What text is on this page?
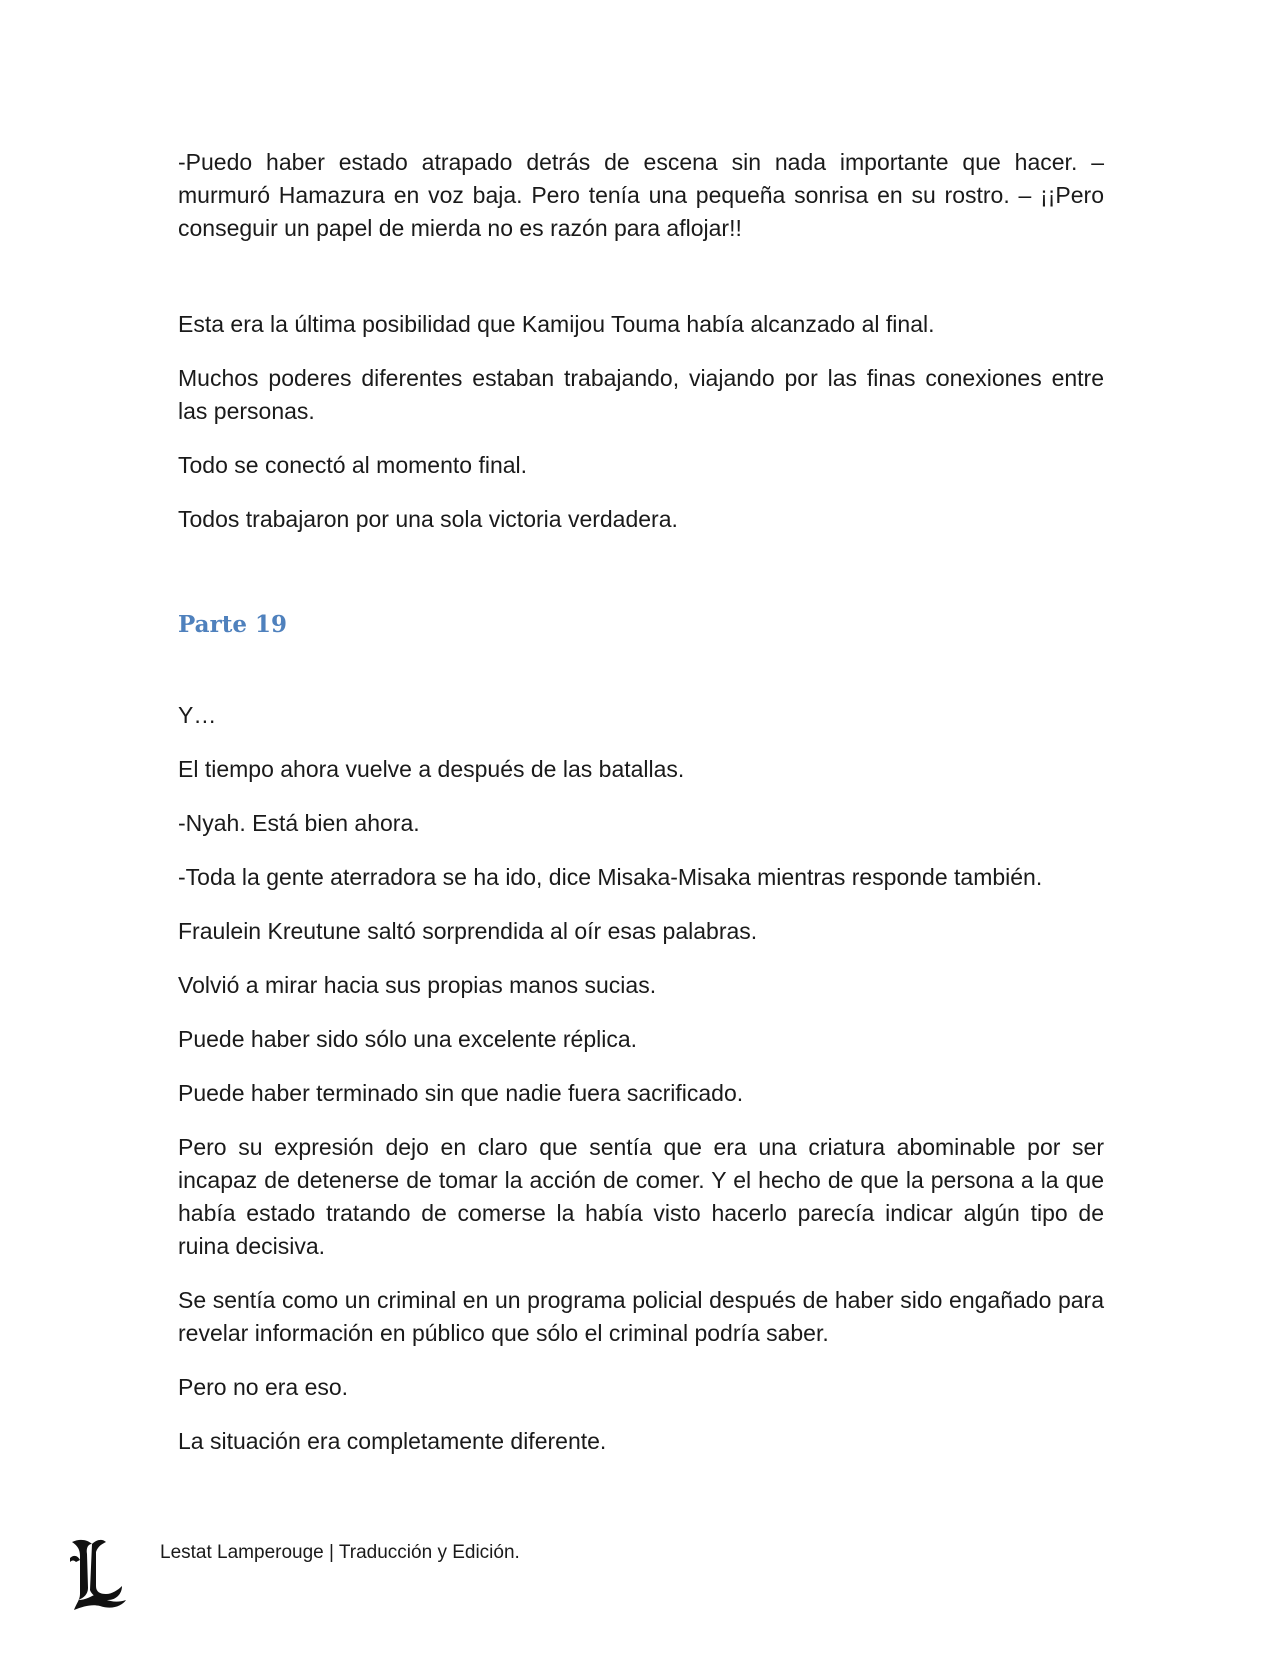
-Puedo haber estado atrapado detrás de escena sin nada importante que hacer. – murmuró Hamazura en voz baja. Pero tenía una pequeña sonrisa en su rostro. – ¡¡Pero conseguir un papel de mierda no es razón para aflojar!!

Esta era la última posibilidad que Kamijou Touma había alcanzado al final.

Muchos poderes diferentes estaban trabajando, viajando por las finas conexiones entre las personas.

Todo se conectó al momento final.

Todos trabajaron por una sola victoria verdadera.

Parte 19

Y…

El tiempo ahora vuelve a después de las batallas.

-Nyah. Está bien ahora.

-Toda la gente aterradora se ha ido, dice Misaka-Misaka mientras responde también.

Fraulein Kreutune saltó sorprendida al oír esas palabras.

Volvió a mirar hacia sus propias manos sucias.

Puede haber sido sólo una excelente réplica.

Puede haber terminado sin que nadie fuera sacrificado.

Pero su expresión dejo en claro que sentía que era una criatura abominable por ser incapaz de detenerse de tomar la acción de comer. Y el hecho de que la persona a la que había estado tratando de comerse la había visto hacerlo parecía indicar algún tipo de ruina decisiva.

Se sentía como un criminal en un programa policial después de haber sido engañado para revelar información en público que sólo el criminal podría saber.

Pero no era eso.

La situación era completamente diferente.

Lestat Lamperouge | Traducción y Edición.
